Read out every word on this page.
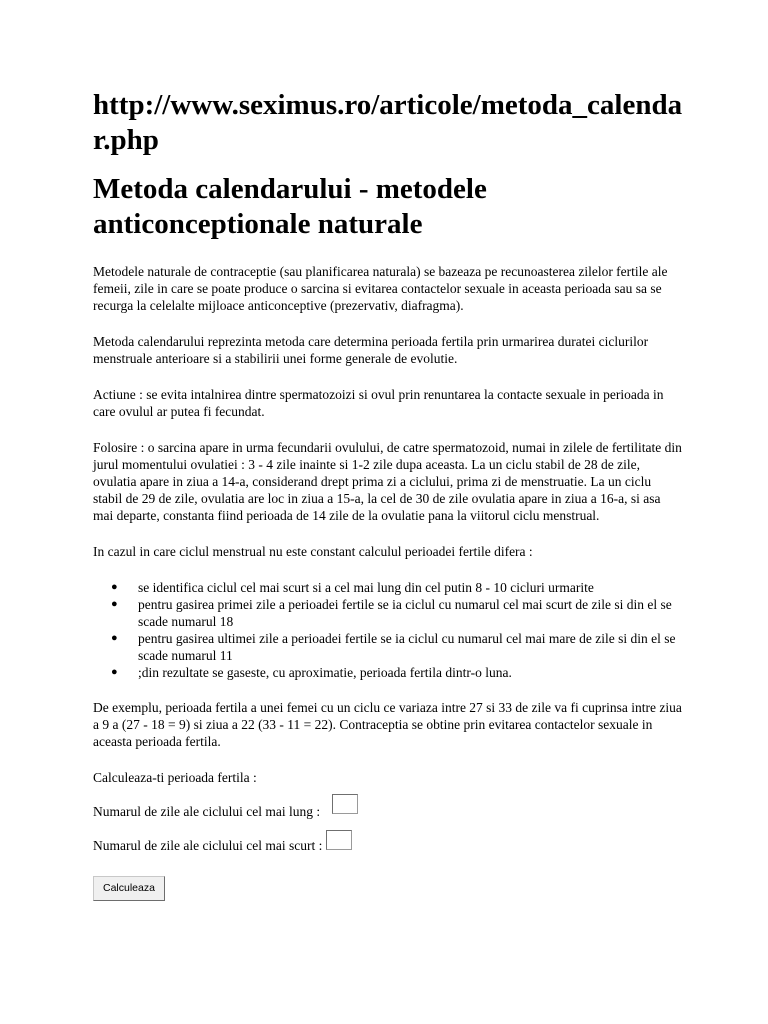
http://www.seximus.ro/articole/metoda_calendar.php
Metoda calendarului - metodele anticonceptionale naturale

Metodele naturale de contraceptie (sau planificarea naturala) se bazeaza pe recunoasterea zilelor fertile ale femeii, zile in care se poate produce o sarcina si evitarea contactelor sexuale in aceasta perioada sau sa se recurga la celelalte mijloace anticonceptive (prezervativ, diafragma).

Metoda calendarului reprezinta metoda care determina perioada fertila prin urmarirea duratei ciclurilor menstruale anterioare si a stabilirii unei forme generale de evolutie.

Actiune : se evita intalnirea dintre spermatozoizi si ovul prin renuntarea la contacte sexuale in perioada in care ovulul ar putea fi fecundat.

Folosire : o sarcina apare in urma fecundarii ovulului, de catre spermatozoid, numai in zilele de fertilitate din jurul momentului ovulatiei : 3 - 4 zile inainte si 1-2 zile dupa aceasta. La un ciclu stabil de 28 de zile, ovulatia apare in ziua a 14-a, considerand drept prima zi a ciclului, prima zi de menstruatie. La un ciclu stabil de 29 de zile, ovulatia are loc in ziua a 15-a, la cel de 30 de zile ovulatia apare in ziua a 16-a, si asa mai departe, constanta fiind perioada de 14 zile de la ovulatie pana la viitorul ciclu menstrual.

In cazul in care ciclul menstrual nu este constant calculul perioadei fertile difera :

● se identifica ciclul cel mai scurt si a cel mai lung din cel putin 8 - 10 cicluri urmarite
● pentru gasirea primei zile a perioadei fertile se ia ciclul cu numarul cel mai scurt de zile si din el se scade numarul 18
● pentru gasirea ultimei zile a perioadei fertile se ia ciclul cu numarul cel mai mare de zile si din el se scade numarul 11
● ;din rezultate se gaseste, cu aproximatie, perioada fertila dintr-o luna.

De exemplu, perioada fertila a unei femei cu un ciclu ce variaza intre 27 si 33 de zile va fi cuprinsa intre ziua a 9 a (27 - 18 = 9) si ziua a 22 (33 - 11 = 22). Contraceptia se obtine prin evitarea contactelor sexuale in aceasta perioada fertila.

Calculeaza-ti perioada fertila :

Numarul de zile ale ciclului cel mai lung :
Numarul de zile ale ciclului cel mai scurt :
Calculeaza
